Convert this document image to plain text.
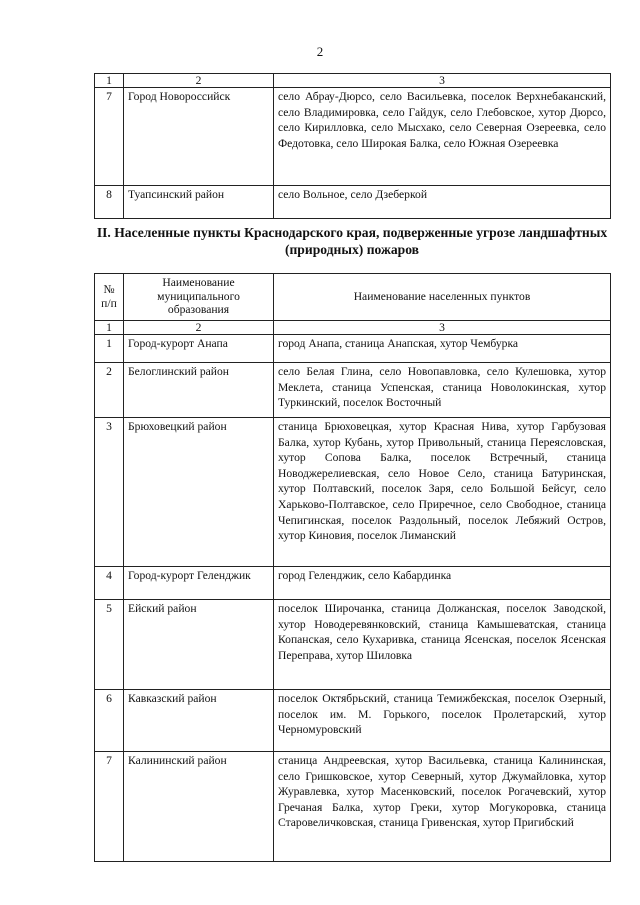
2
1	2	3
7	Город Новороссийск	село Абрау-Дюрсо, село Васильевка, поселок Верхнебаканский, село Владимировка, село Гайдук, село Глебовское, хутор Дюрсо, село Кирилловка, село Мысхако, село Северная Озереевка, село Федотовка, село Широкая Балка, село Южная Озереевка
8	Туапсинский район	село Вольное, село Дзеберкой
II. Населенные пункты Краснодарского края, подверженные угрозе ландшафтных (природных) пожаров
№ п/п	Наименование муниципального образования	Наименование населенных пунктов
1	2	3
1	Город-курорт Анапа	город Анапа, станица Анапская, хутор Чембурка
2	Белоглинский район	село Белая Глина, село Новопавловка, село Кулешовка, хутор Меклета, станица Успенская, станица Новолокинская, хутор Туркинский, поселок Восточный
3	Брюховецкий район	станица Брюховецкая, хутор Красная Нива, хутор Гарбузовая Балка, хутор Кубань, хутор Привольный, станица Переясловская, хутор Сопова Балка, поселок Встречный, станица Новоджерелиевская, село Новое Село, станица Батуринская, хутор Полтавский, поселок Заря, село Большой Бейсуг, село Харьково-Полтавское, село Приречное, село Свободное, станица Чепигинская, поселок Раздольный, поселок Лебяжий Остров, хутор Киновия, поселок Лиманский
4	Город-курорт Геленджик	город Геленджик, село Кабардинка
5	Ейский район	поселок Широчанка, станица Должанская, поселок Заводской, хутор Новодеревянковский, станица Камышеватская, станица Копанская, село Кухаривка, станица Ясенская, поселок Ясенская Переправа, хутор Шиловка
6	Кавказский район	поселок Октябрьский, станица Темижбекская, поселок Озерный, поселок им. М. Горького, поселок Пролетарский, хутор Черномуровский
7	Калининский район	станица Андреевская, хутор Васильевка, станица Калининская, село Гришковское, хутор Северный, хутор Джумайловка, хутор Журавлевка, хутор Масенковский, поселок Рогачевский, хутор Гречаная Балка, хутор Греки, хутор Могукоровка, станица Старовеличковская, станица Гривенская, хутор Пригибский
